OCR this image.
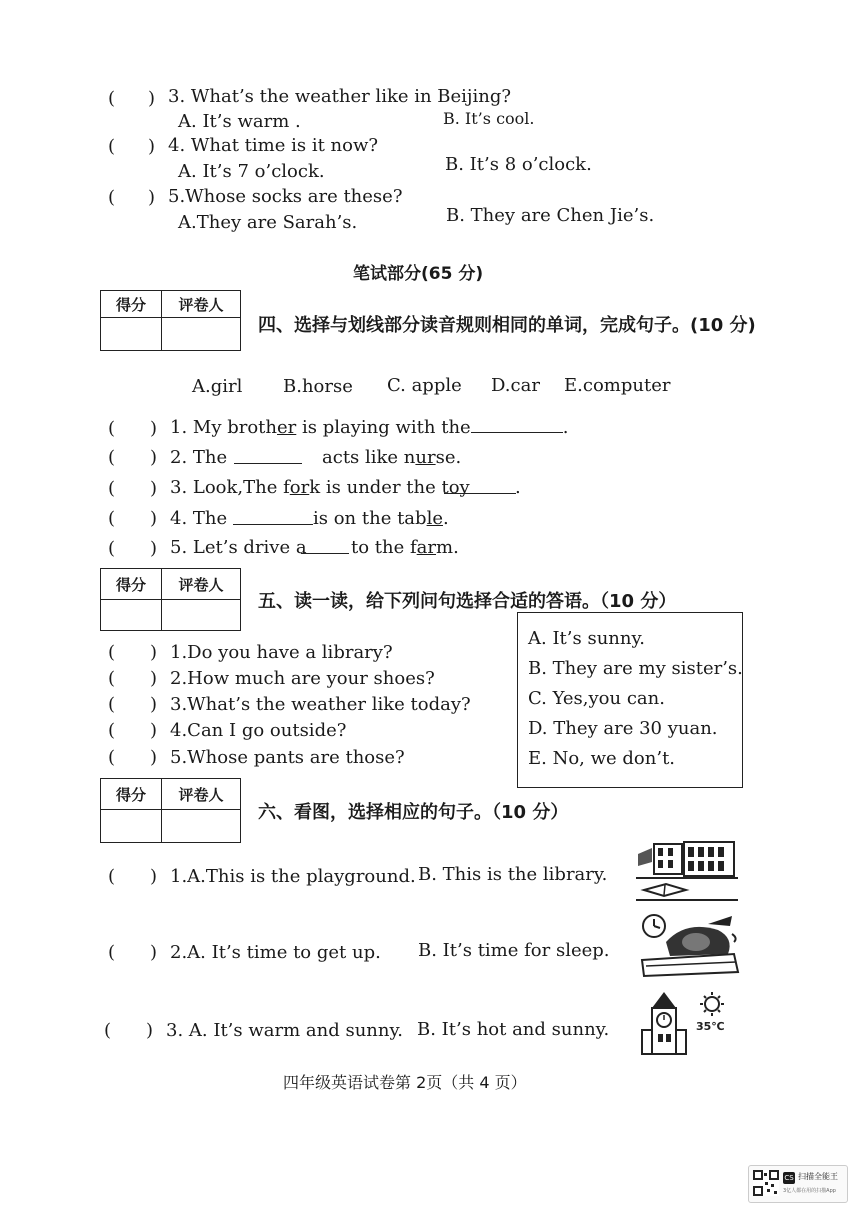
( ) 3. What’s the weather like in Beijing?
A. It’s warm .	B. It’s cool.
( ) 4. What time is it now?
A. It’s 7 o’clock.	B. It’s 8 o’clock.
( ) 5.Whose socks are these?
A.They are Sarah’s.	B. They are Chen Jie’s.
笔试部分(65 分)
得分	评卷人

四、选择与划线部分读音规则相同的单词，完成句子。(10 分)
A.girl B.horse C. apple D.car E.computer
( ) 1. My brother is playing with the	.
( ) 2. The	acts like nurse.
( ) 3. Look,The fork is under the toy	.
( ) 4. The	is on the table.
( ) 5. Let’s drive a to the farm.
得分	评卷人

五、读一读，给下列问句选择合适的答语。（10 分）
( ) 1.Do you have a library?
( ) 2.How much are your shoes?
( ) 3.What’s the weather like today?
( ) 4.Can I go outside?
( ) 5.Whose pants are those?
A. It’s sunny.
B. They are my sister’s.
C. Yes,you can.
D. They are 30 yuan.
E. No, we don’t.
得分	评卷人

六、看图，选择相应的句子。（10 分）
( ) 1.A.This is the playground. B. This is the library.
( ) 2.A. It’s time to get up. B. It’s time for sleep.
( ) 3. A. It’s warm and sunny. B. It’s hot and sunny.	35℃
四年级英语试卷第 2页（共 4 页）
CS 扫描全能王
3亿人都在用的扫描App
